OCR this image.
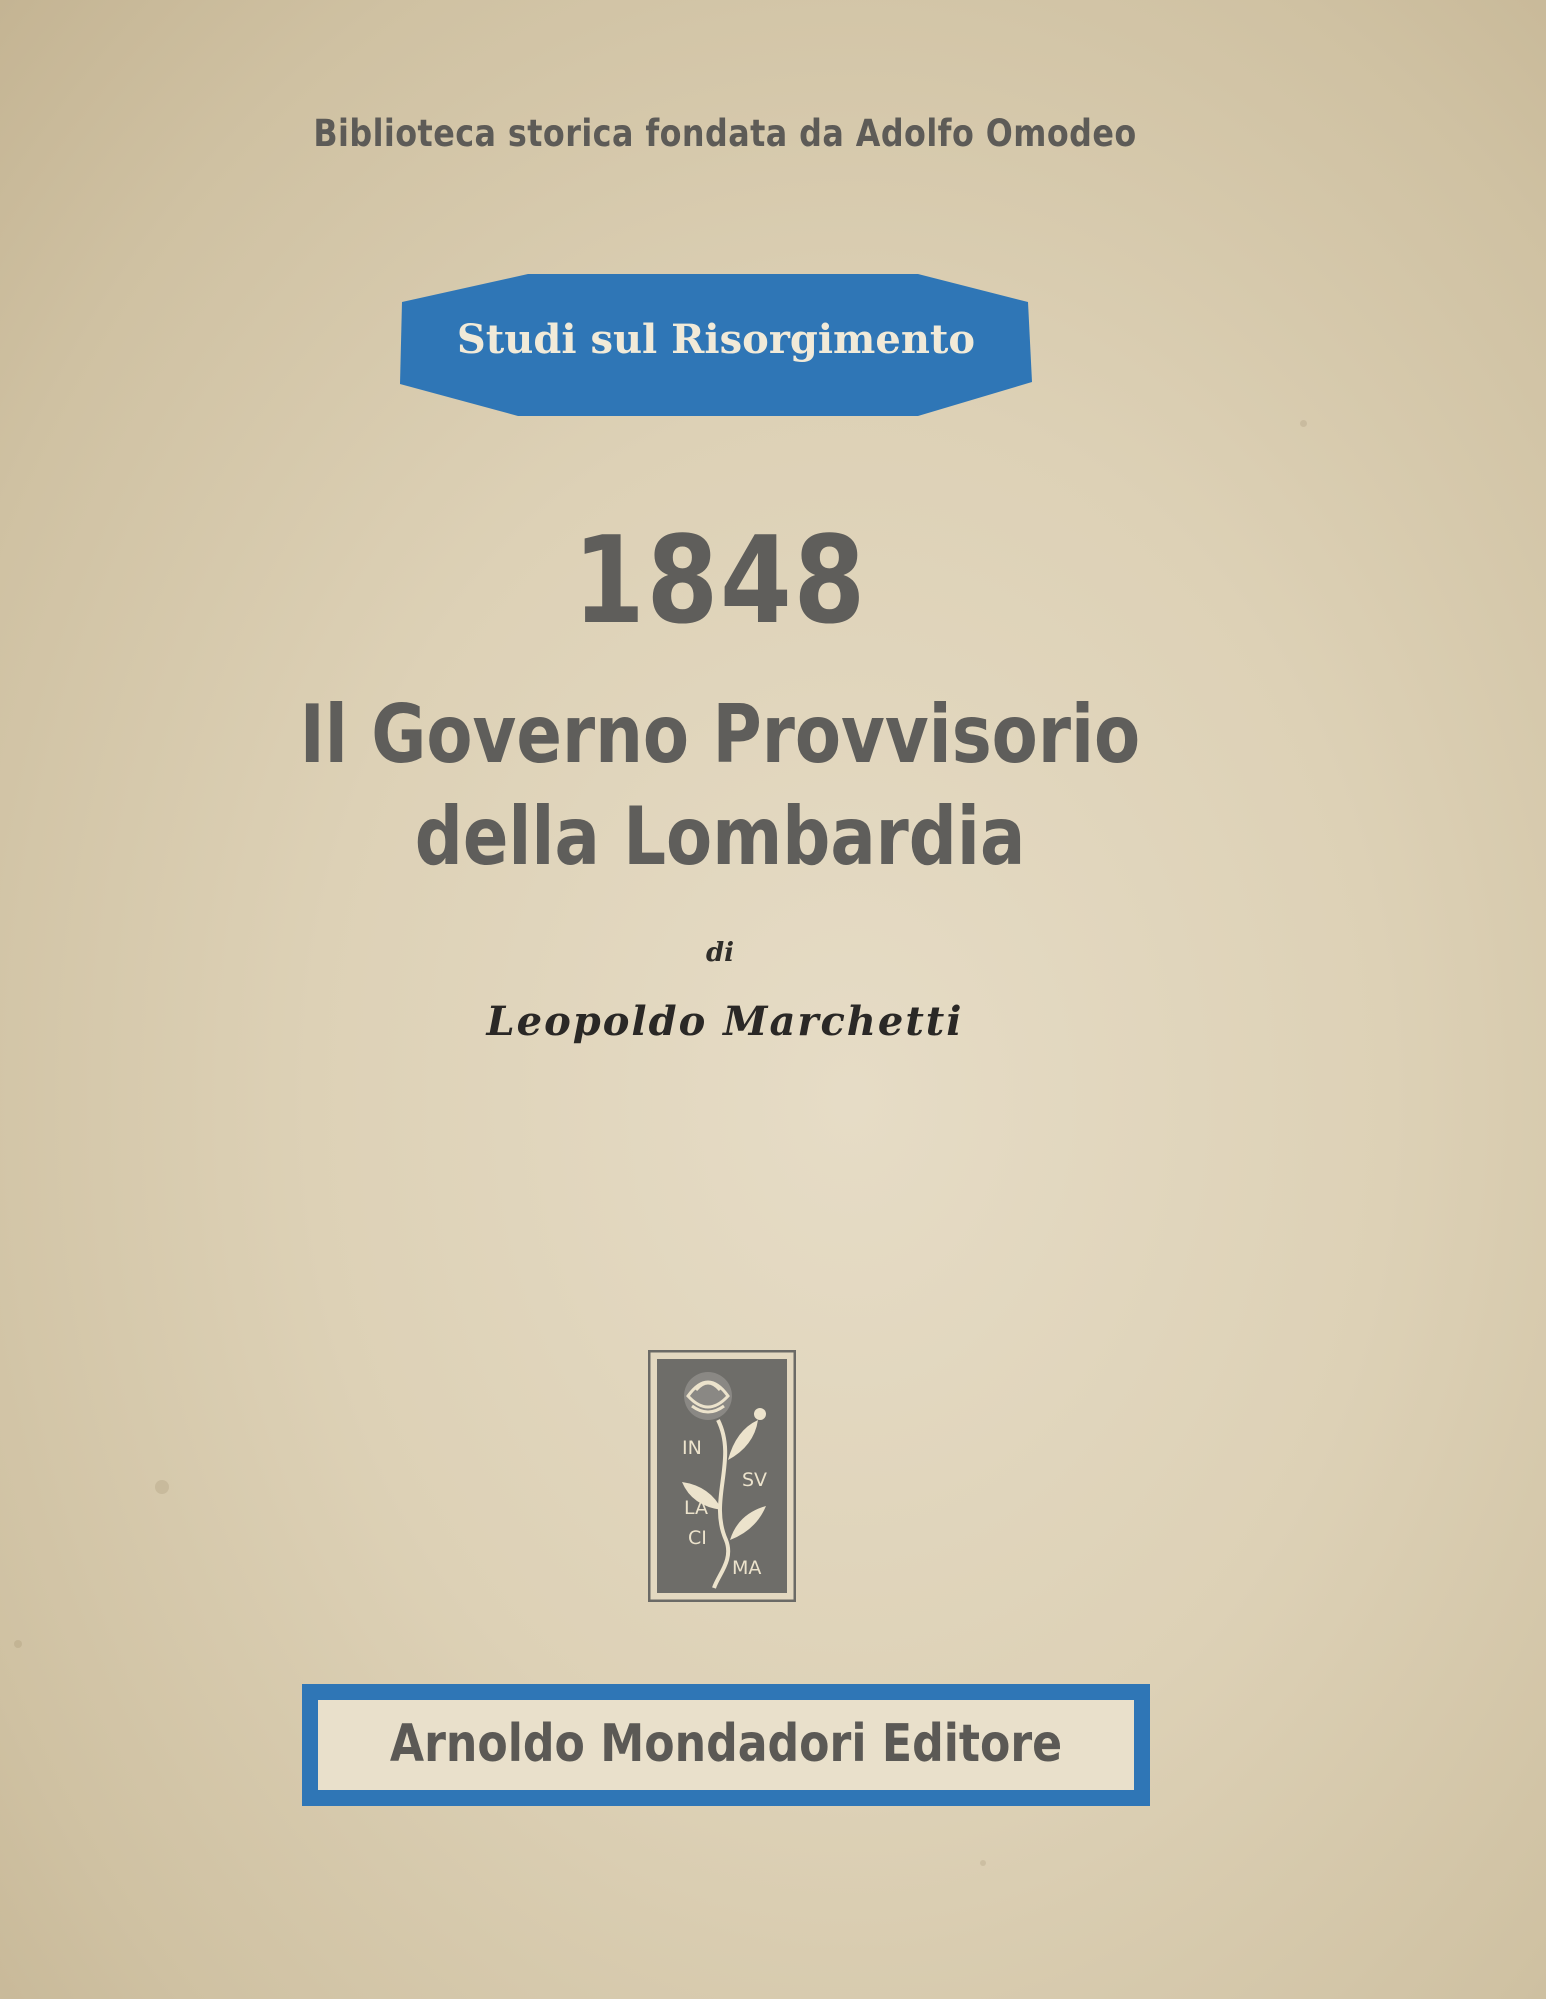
Biblioteca storica fondata da Adolfo Omodeo
Studi sul Risorgimento
1848
Il Governo Provvisorio
della Lombardia
di
Leopoldo Marchetti
IN
SV
LA
CI
MA
Arnoldo Mondadori Editore
